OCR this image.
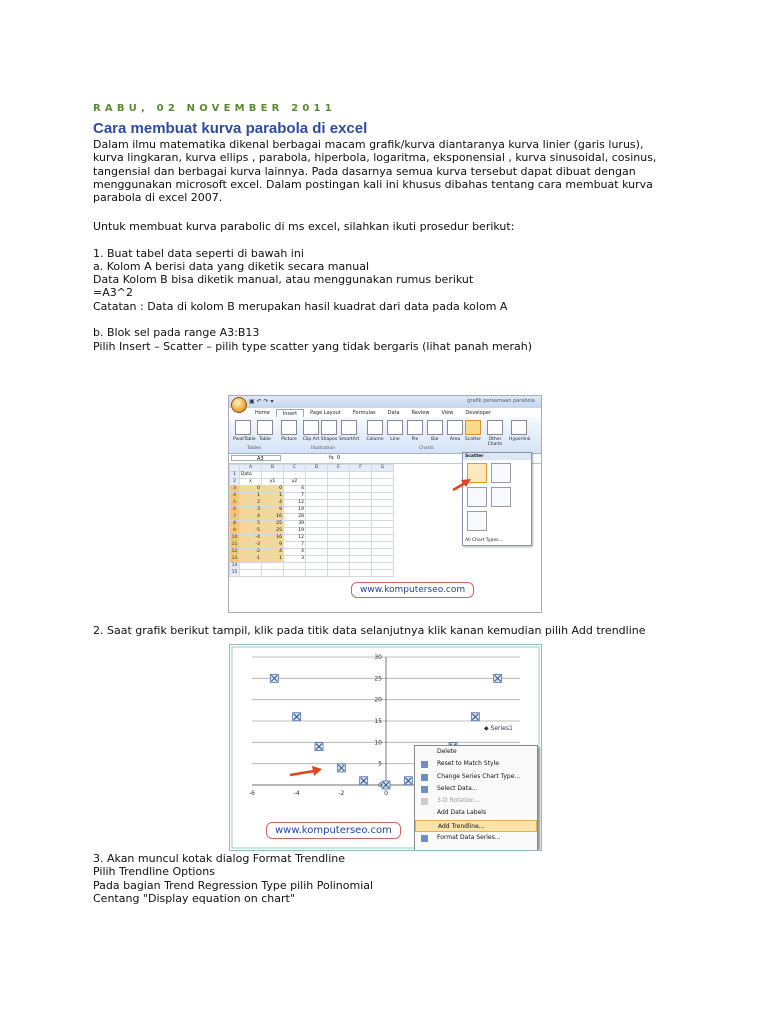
RABU, 02 NOVEMBER 2011
Cara membuat kurva parabola di excel
Dalam ilmu matematika dikenal berbagai macam grafik/kurva diantaranya kurva linier (garis lurus),
kurva lingkaran, kurva ellips , parabola, hiperbola, logaritma, eksponensial , kurva sinusoidal, cosinus,
tangensial dan berbagai kurva lainnya. Pada dasarnya semua kurva tersebut dapat dibuat dengan
menggunakan microsoft excel. Dalam postingan kali ini khusus dibahas tentang cara membuat kurva
parabola di excel 2007.
Untuk membuat kurva parabolic di ms excel, silahkan ikuti prosedur berikut:

1. Buat tabel data seperti di bawah ini
a. Kolom A berisi data yang diketik secara manual
Data Kolom B bisa diketik manual, atau menggunakan rumus berikut
=A3^2
Catatan : Data di kolom B merupakan hasil kuadrat dari data pada kolom A

b. Blok sel pada range A3:B13
Pilih Insert – Scatter – pilih type scatter yang tidak bergaris (lihat panah merah)
▣ ↶ ↷ ▾	grafik persamaan parabola
Home	Insert	Page Layout	Formulas	Data	Review	View	Developer
PivotTable Table	Picture	Clip Art Shapes SmartArt	Column	Line	Pie	Bar	Area	Scatter	Other Charts
Hyperlink
Tables	Illustration	Charts
A3	fx 0
	A	B	C	D	E	F	G
1	Data						
2	x	y1	y2				
3	0	0	4				
4	1	1	7				
5	2	4	12				
6	3	9	19				
7	4	16	28				
8	5	25	39				
9	-5	25	19				
10	-4	16	12				
11	-3	9	7				
12	-2	4	4				
13	-1	1	3				
14							
15							
Scatter
All Chart Types...
www.komputerseo.com
2. Saat grafik berikut tampil, klik pada titik data selanjutnya klik kanan kemudian pilih Add trendline
0
5
10
15
20
25
30
-6	-4	-2	0
◆ Series1
Delete
Reset to Match Style
Change Series Chart Type...
Select Data...
3-D Rotation...
Add Data Labels
Add Trendline...
Format Data Series...
www.komputerseo.com
3. Akan muncul kotak dialog Format Trendline
Pilih Trendline Options
Pada bagian Trend Regression Type pilih Polinomial
Centang "Display equation on chart"
